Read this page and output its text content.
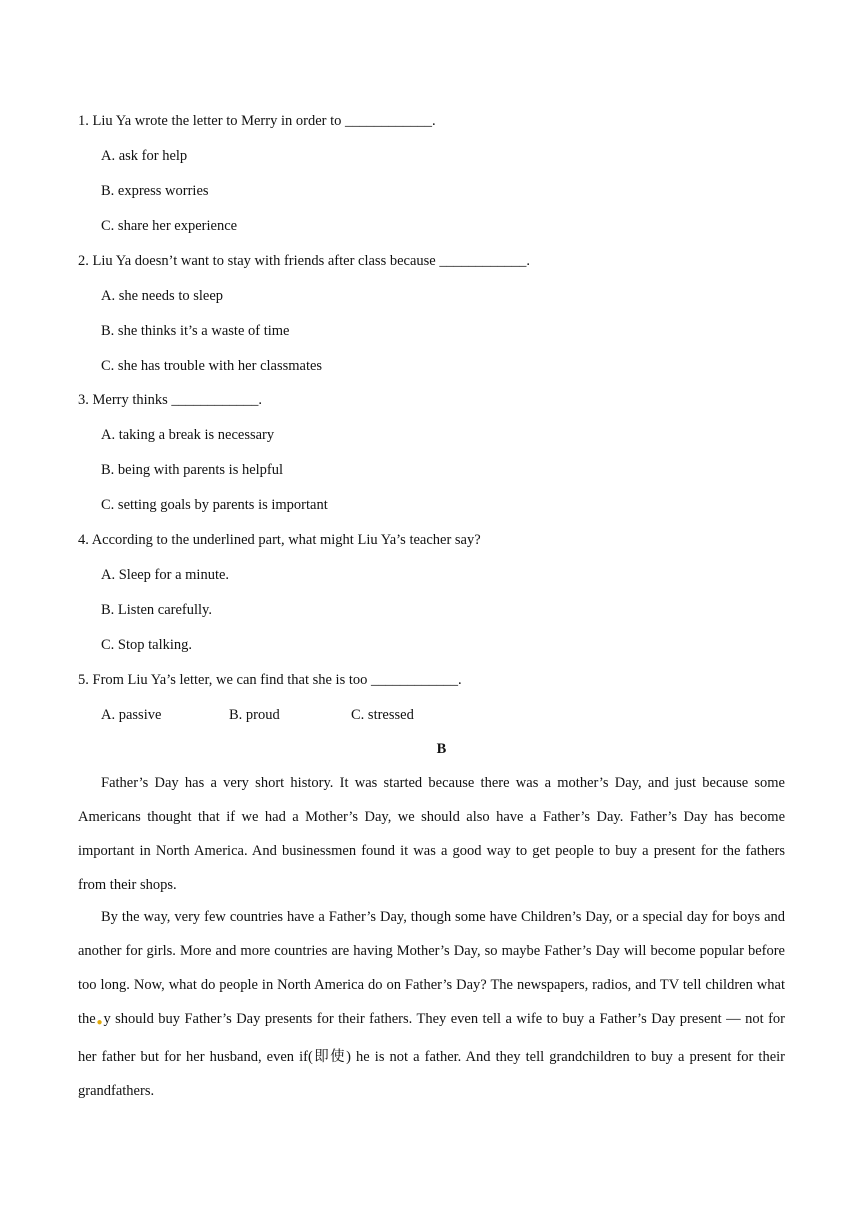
1. Liu Ya wrote the letter to Merry in order to ____________.
A. ask for help
B. express worries
C. share her experience
2. Liu Ya doesn’t want to stay with friends after class because ____________.
A. she needs to sleep
B. she thinks it’s a waste of time
C. she has trouble with her classmates
3. Merry thinks ____________.
A. taking a break is necessary
B. being with parents is helpful
C. setting goals by parents is important
4. According to the underlined part, what might Liu Ya’s teacher say?
A. Sleep for a minute.
B. Listen carefully.
C. Stop talking.
5. From Liu Ya’s letter, we can find that she is too ____________.
A. passive	B. proud	C. stressed
B

Father’s Day has a very short history. It was started because there was a mother’s Day, and just because some Americans thought that if we had a Mother’s Day, we should also have a Father’s Day. Father’s Day has become important in North America. And businessmen found it was a good way to get people to buy a present for the fathers from their shops.

By the way, very few countries have a Father’s Day, though some have Children’s Day, or a special day for boys and another for girls. More and more countries are having Mother’s Day, so maybe Father’s Day will become popular before too long. Now, what do people in North America do on Father’s Day? The newspapers, radios, and TV tell children what the●y should buy Father’s Day presents for their fathers. They even tell a wife to buy a Father’s Day present — not for her father but for her husband, even if(即使) he is not a father. And they tell grandchildren to buy a present for their grandfathers.
